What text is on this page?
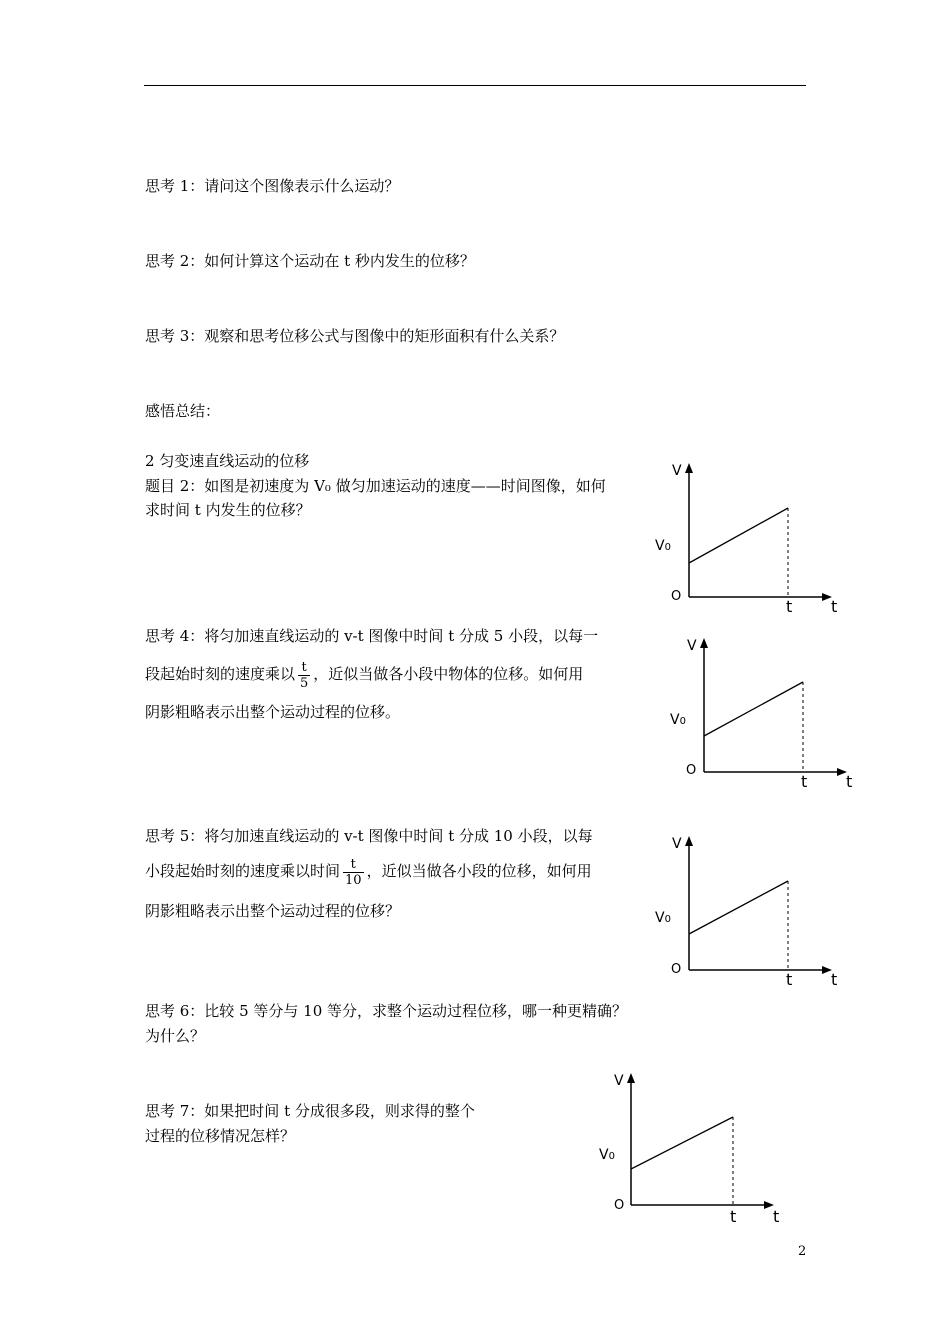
思考 1：请问这个图像表示什么运动？
思考 2：如何计算这个运动在 t 秒内发生的位移？
思考 3：观察和思考位移公式与图像中的矩形面积有什么关系？
感悟总结：
2 匀变速直线运动的位移
题目 2：如图是初速度为 V₀ 做匀加速运动的速度——时间图像，如何
求时间 t 内发生的位移？
思考 4：将匀加速直线运动的 v-t 图像中时间 t 分成 5 小段，以每一
段起始时刻的速度乘以 $\frac{t}{5}$ ，近似当做各小段中物体的位移。如何用
阴影粗略表示出整个运动过程的位移。
思考 5：将匀加速直线运动的 v-t 图像中时间 t 分成 10 小段，以每
小段起始时刻的速度乘以时间 $\frac{t}{10}$ ，近似当做各小段的位移，如何用
阴影粗略表示出整个运动过程的位移？
思考 6：比较 5 等分与 10 等分，求整个运动过程位移，哪一种更精确？
为什么？
思考 7：如果把时间 t 分成很多段，则求得的整个
过程的位移情况怎样？
V
V0
O
t t
V
V0
O
t t
V
V0
O
t t
V
V0
O
t t
2
